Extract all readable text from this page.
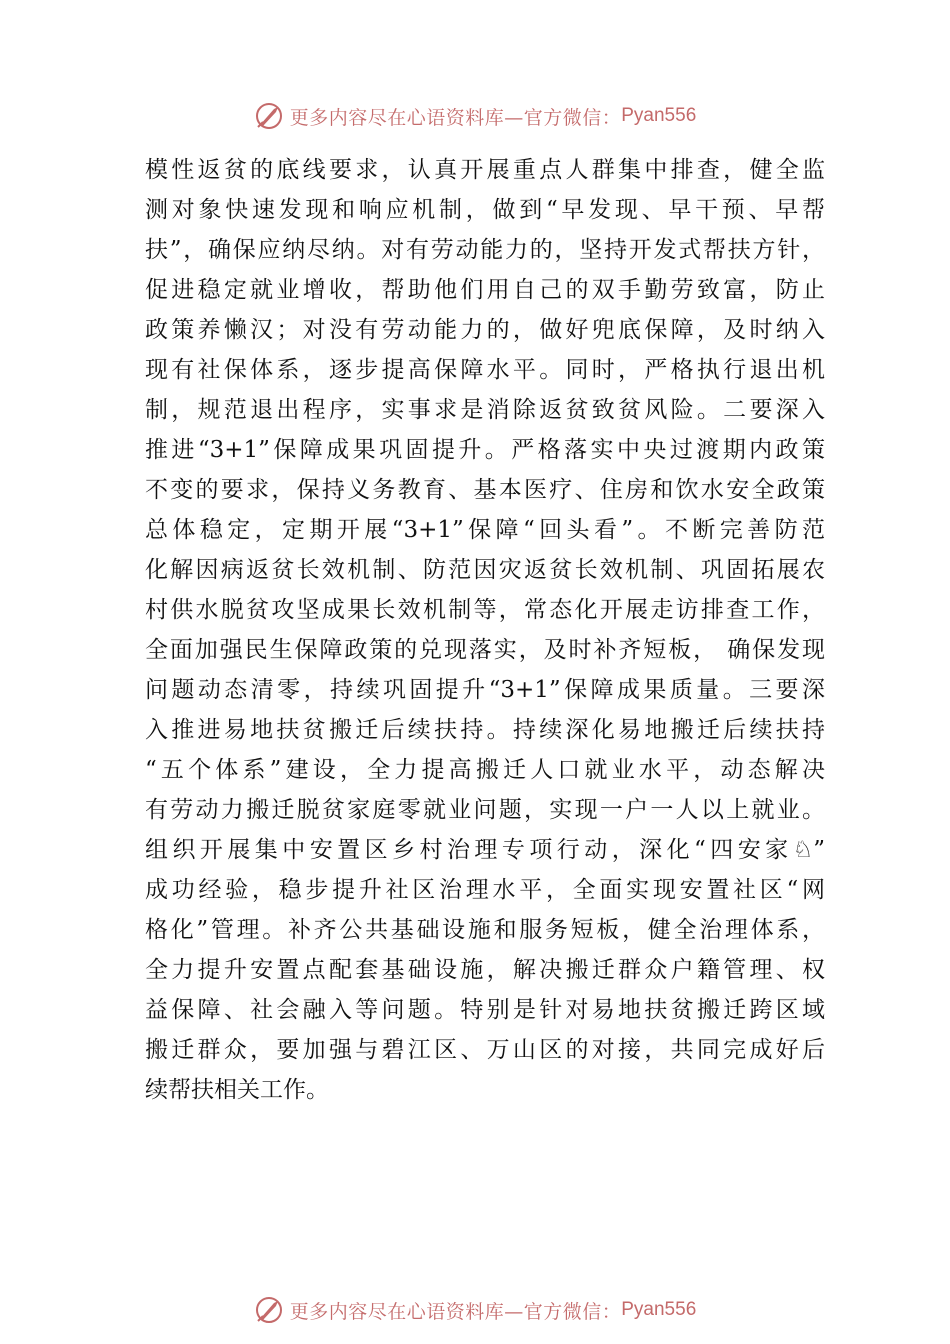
更多内容尽在心语资料库—官方微信： Pyan556
模性返贫的底线要求，认真开展重点人群集中排查，健全监
测对象快速发现和响应机制，做到“早发现、早干预、早帮
扶”，确保应纳尽纳。对有劳动能力的，坚持开发式帮扶方针，
促进稳定就业增收，帮助他们用自己的双手勤劳致富，防止
政策养懒汉；对没有劳动能力的，做好兜底保障，及时纳入
现有社保体系，逐步提高保障水平。同时，严格执行退出机
制，规范退出程序，实事求是消除返贫致贫风险。二要深入
推进“3+1”保障成果巩固提升。严格落实中央过渡期内政策
不变的要求，保持义务教育、基本医疗、住房和饮水安全政策
总体稳定，定期开展“3+1”保障“回头看”。不断完善防范
化解因病返贫长效机制、防范因灾返贫长效机制、巩固拓展农
村供水脱贫攻坚成果长效机制等，常态化开展走访排查工作，
全面加强民生保障政策的兑现落实，及时补齐短板， 确保发现
问题动态清零，持续巩固提升“3+1”保障成果质量。三要深
入推进易地扶贫搬迁后续扶持。持续深化易地搬迁后续扶持
“五个体系”建设，全力提高搬迁人口就业水平，动态解决
有劳动力搬迁脱贫家庭零就业问题，实现一户一人以上就业。
组织开展集中安置区乡村治理专项行动，深化“四安家♘”
成功经验，稳步提升社区治理水平，全面实现安置社区“网
格化”管理。补齐公共基础设施和服务短板，健全治理体系，
全力提升安置点配套基础设施，解决搬迁群众户籍管理、权
益保障、社会融入等问题。特别是针对易地扶贫搬迁跨区域
搬迁群众，要加强与碧江区、万山区的对接，共同完成好后
续帮扶相关工作。
更多内容尽在心语资料库—官方微信： Pyan556
